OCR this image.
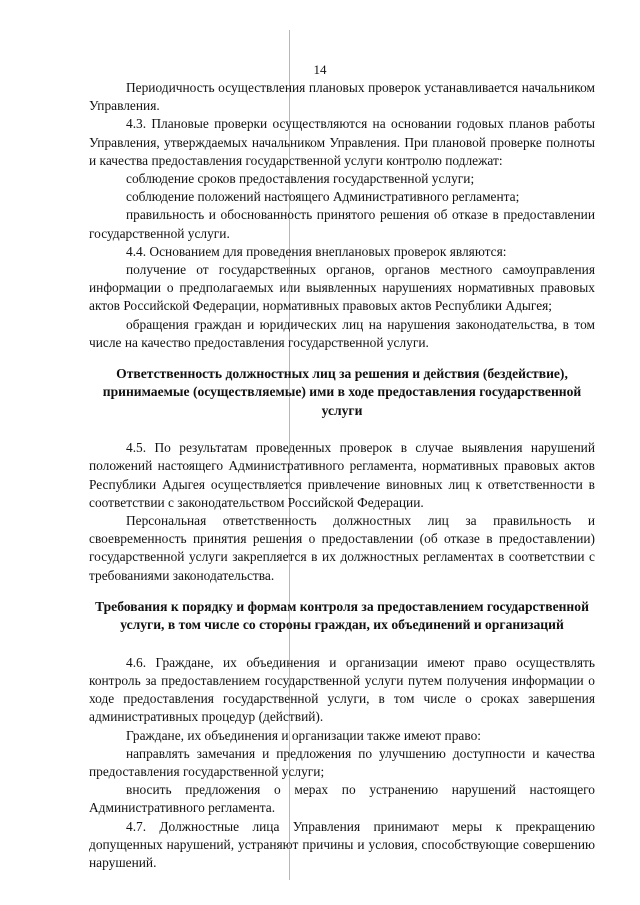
14

Периодичность осуществления плановых проверок устанавливается начальником Управления.

4.3. Плановые проверки осуществляются на основании годовых планов работы Управления, утверждаемых начальником Управления. При плановой проверке полноты и качества предоставления государственной услуги контролю подлежат:

соблюдение сроков предоставления государственной услуги;

соблюдение положений настоящего Административного регламента;

правильность и обоснованность принятого решения об отказе в предоставлении государственной услуги.

4.4. Основанием для проведения внеплановых проверок являются:

получение от государственных органов, органов местного самоуправления информации о предполагаемых или выявленных нарушениях нормативных правовых актов Российской Федерации, нормативных правовых актов Республики Адыгея;

обращения граждан и юридических лиц на нарушения законодательства, в том числе на качество предоставления государственной услуги.

Ответственность должностных лиц за решения и действия (бездействие), принимаемые (осуществляемые) ими в ходе предоставления государственной услуги

4.5. По результатам проведенных проверок в случае выявления нарушений положений настоящего Административного регламента, нормативных правовых актов Республики Адыгея осуществляется привлечение виновных лиц к ответственности в соответствии с законодательством Российской Федерации.

Персональная ответственность должностных лиц за правильность и своевременность принятия решения о предоставлении (об отказе в предоставлении) государственной услуги закрепляется в их должностных регламентах в соответствии с требованиями законодательства.

Требования к порядку и формам контроля за предоставлением государственной услуги, в том числе со стороны граждан, их объединений и организаций

4.6. Граждане, их объединения и организации имеют право осуществлять контроль за предоставлением государственной услуги путем получения информации о ходе предоставления государственной услуги, в том числе о сроках завершения административных процедур (действий).

Граждане, их объединения и организации также имеют право:

направлять замечания и предложения по улучшению доступности и качества предоставления государственной услуги;

вносить предложения о мерах по устранению нарушений настоящего Административного регламента.

4.7. Должностные лица Управления принимают меры к прекращению допущенных нарушений, устраняют причины и условия, способствующие совершению нарушений.
